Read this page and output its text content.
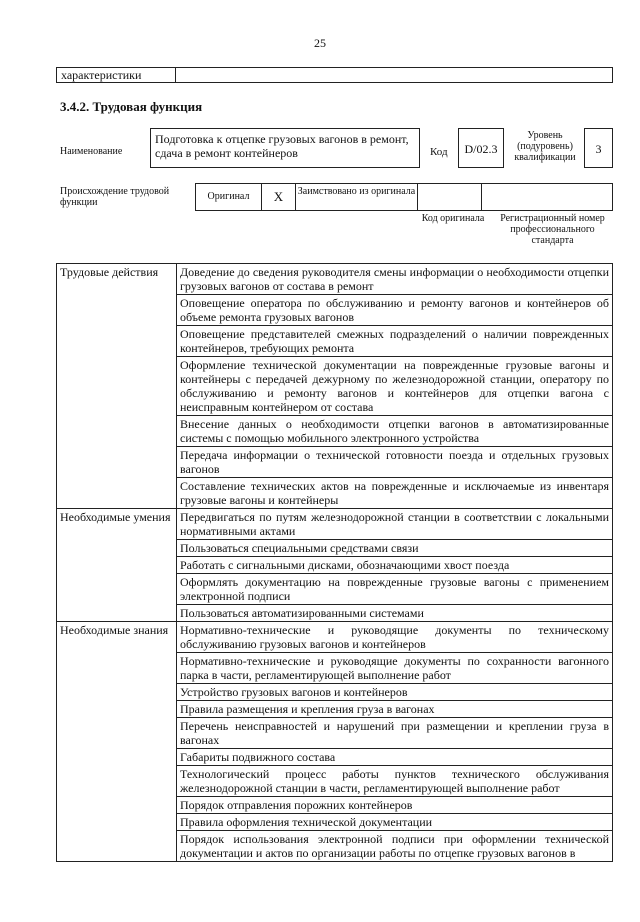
25
характеристики
3.4.2. Трудовая функция
Наименование
Подготовка к отцепке грузовых вагонов в ремонт, сдача в ремонт контейнеров	Код	D/02.3
Уровень (подуровень) квалификации
3
Происхождение трудовой функции
Оригинал	X	Заимствовано из оригинала
Код оригинала	Регистрационный номер профессионального стандарта
Трудовые действия	Доведение до сведения руководителя смены информации о необходимости отцепки грузовых вагонов от состава в ремонт
	Оповещение оператора по обслуживанию и ремонту вагонов и контейнеров об объеме ремонта грузовых вагонов
	Оповещение представителей смежных подразделений о наличии поврежденных контейнеров, требующих ремонта
	Оформление технической документации на поврежденные грузовые вагоны и контейнеры с передачей дежурному по железнодорожной станции, оператору по обслуживанию и ремонту вагонов и контейнеров для отцепки вагона с неисправным контейнером от состава
	Внесение данных о необходимости отцепки вагонов в автоматизированные системы с помощью мобильного электронного устройства
	Передача информации о технической готовности поезда и отдельных грузовых вагонов
	Составление технических актов на поврежденные и исключаемые из инвентаря грузовые вагоны и контейнеры
Необходимые умения	Передвигаться по путям железнодорожной станции в соответствии с локальными нормативными актами
	Пользоваться специальными средствами связи
	Работать с сигнальными дисками, обозначающими хвост поезда
	Оформлять документацию на поврежденные грузовые вагоны с применением электронной подписи
	Пользоваться автоматизированными системами
Необходимые знания	Нормативно-технические и руководящие документы по техническому обслуживанию грузовых вагонов и контейнеров
	Нормативно-технические и руководящие документы по сохранности вагонного парка в части, регламентирующей выполнение работ
	Устройство грузовых вагонов и контейнеров
	Правила размещения и крепления груза в вагонах
	Перечень неисправностей и нарушений при размещении и креплении груза в вагонах
	Габариты подвижного состава
	Технологический процесс работы пунктов технического обслуживания железнодорожной станции в части, регламентирующей выполнение работ
	Порядок отправления порожних контейнеров
	Правила оформления технической документации
	Порядок использования электронной подписи при оформлении технической документации и актов по организации работы по отцепке грузовых вагонов в
